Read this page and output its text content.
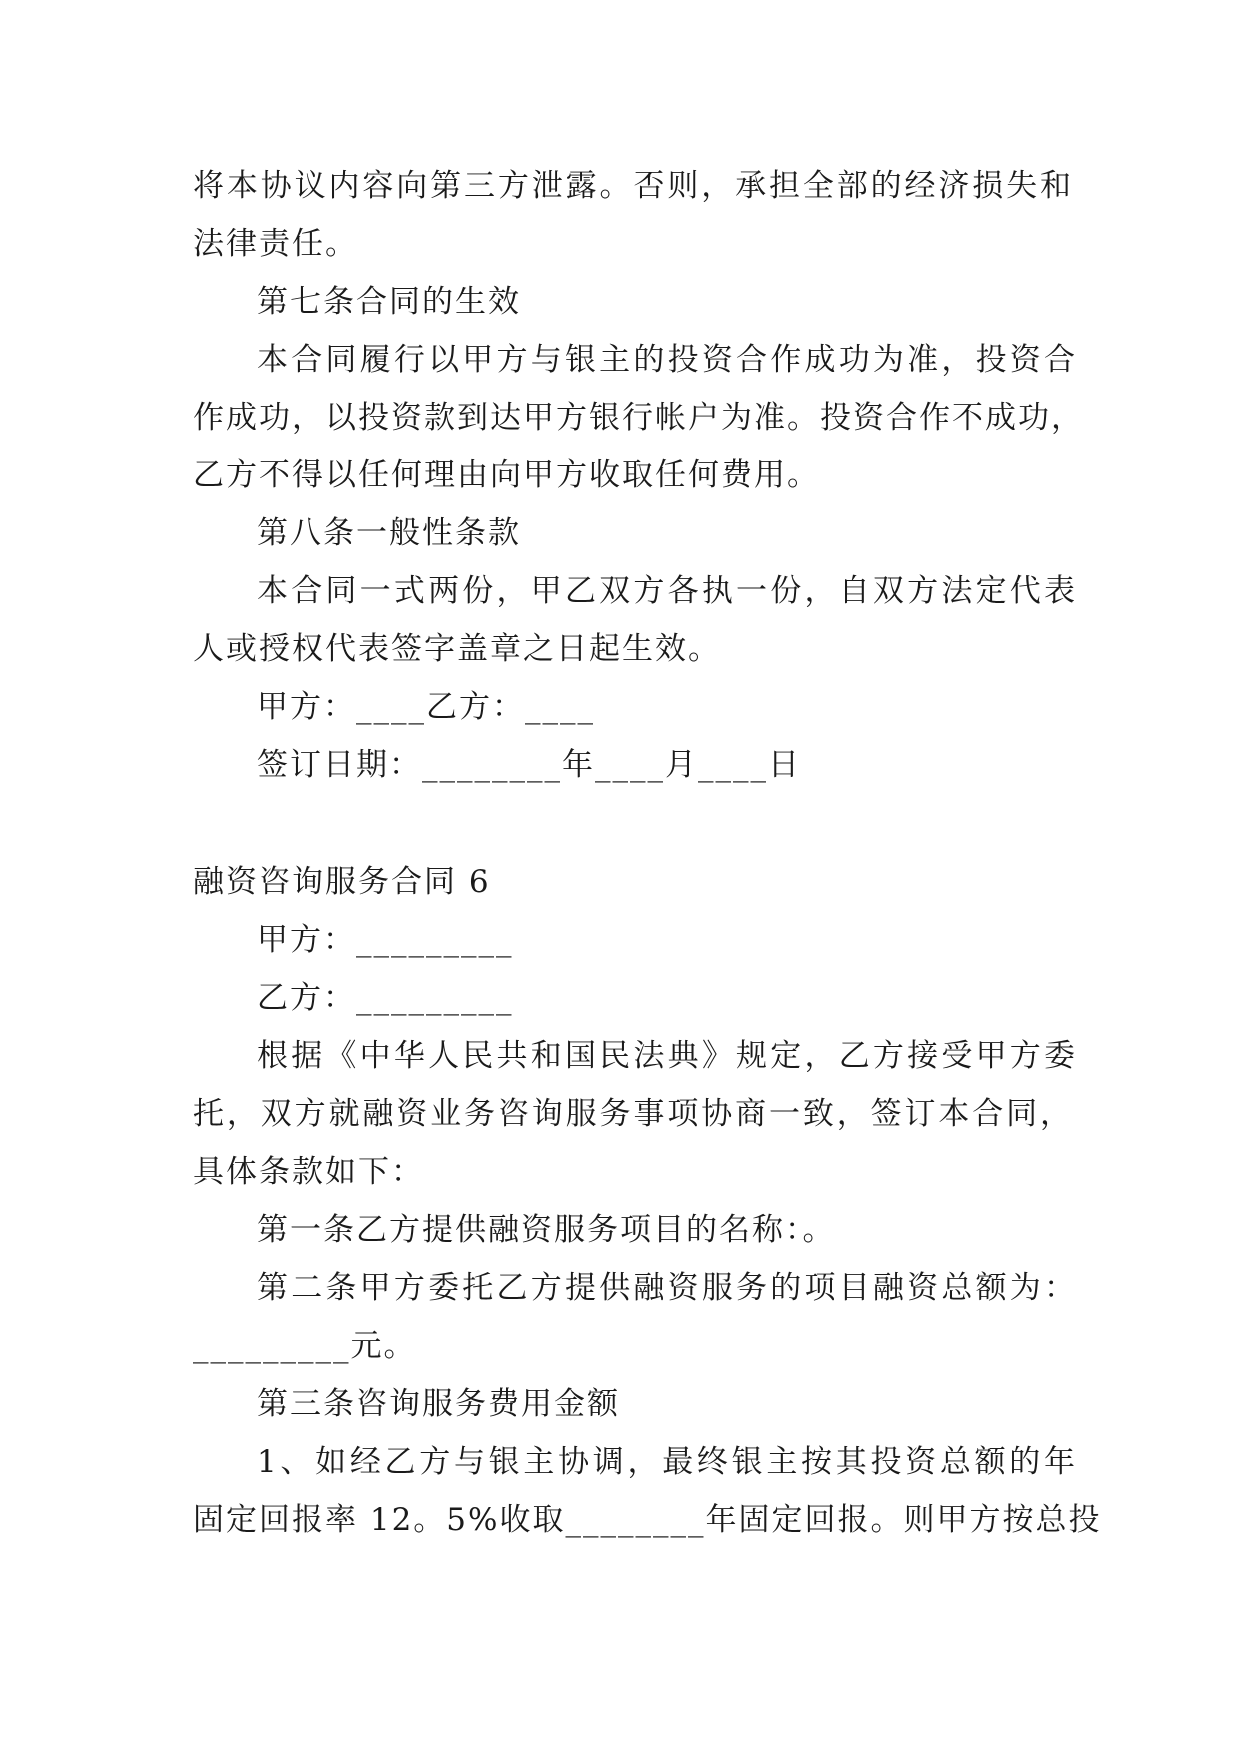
将本协议内容向第三方泄露。否则，承担全部的经济损失和
法律责任。
第七条合同的生效
本合同履行以甲方与银主的投资合作成功为准，投资合
作成功，以投资款到达甲方银行帐户为准。投资合作不成功，
乙方不得以任何理由向甲方收取任何费用。
第八条一般性条款
本合同一式两份，甲乙双方各执一份，自双方法定代表
人或授权代表签字盖章之日起生效。
甲方：____乙方：____
签订日期：________年____月____日
融资咨询服务合同 6
甲方：_________
乙方：_________
根据《中华人民共和国民法典》规定，乙方接受甲方委
托，双方就融资业务咨询服务事项协商一致，签订本合同，
具体条款如下：
第一条乙方提供融资服务项目的名称：。
第二条甲方委托乙方提供融资服务的项目融资总额为：
_________元。
第三条咨询服务费用金额
1、如经乙方与银主协调，最终银主按其投资总额的年
固定回报率 12。5%收取________年固定回报。则甲方按总投
